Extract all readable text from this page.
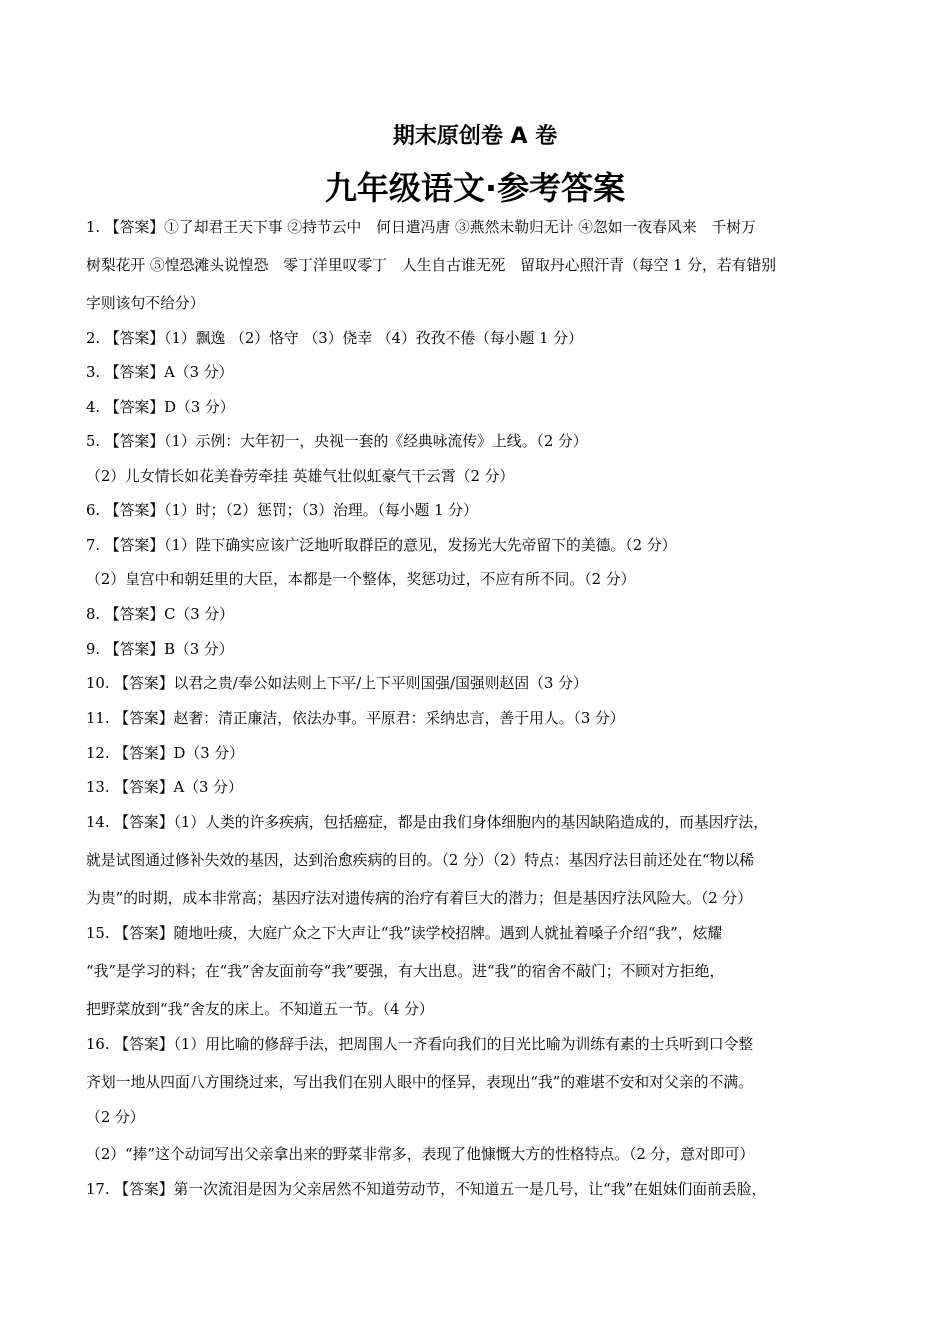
期末原创卷 A 卷
九年级语文·参考答案
1. 【答案】①了却君王天下事 ②持节云中　何日遣冯唐 ③燕然未勒归无计 ④忽如一夜春风来　千树万
树梨花开 ⑤惶恐滩头说惶恐　零丁洋里叹零丁　人生自古谁无死　留取丹心照汗青（每空 1 分，若有错别
字则该句不给分）
2. 【答案】（1）飘逸 （2）恪守 （3）侥幸 （4）孜孜不倦（每小题 1 分）
3. 【答案】A（3 分）
4. 【答案】D（3 分）
5. 【答案】（1）示例：大年初一，央视一套的《经典咏流传》上线。（2 分）
（2）儿女情长如花美眷劳牵挂 英雄气壮似虹豪气干云霄（2 分）
6. 【答案】（1）时；（2）惩罚；（3）治理。（每小题 1 分）
7. 【答案】（1）陛下确实应该广泛地听取群臣的意见，发扬光大先帝留下的美德。（2 分）
（2）皇宫中和朝廷里的大臣，本都是一个整体，奖惩功过，不应有所不同。（2 分）
8. 【答案】C（3 分）
9. 【答案】B（3 分）
10. 【答案】以君之贵/奉公如法则上下平/上下平则国强/国强则赵固（3 分）
11. 【答案】赵奢：清正廉洁，依法办事。平原君：采纳忠言，善于用人。（3 分）
12. 【答案】D（3 分）
13. 【答案】A（3 分）
14. 【答案】（1）人类的许多疾病，包括癌症，都是由我们身体细胞内的基因缺陷造成的，而基因疗法，
就是试图通过修补失效的基因，达到治愈疾病的目的。（2 分）（2）特点：基因疗法目前还处在“物以稀
为贵”的时期，成本非常高；基因疗法对遗传病的治疗有着巨大的潜力；但是基因疗法风险大。（2 分）
15. 【答案】随地吐痰，大庭广众之下大声让“我”读学校招牌。遇到人就扯着嗓子介绍“我”，炫耀
“我”是学习的料；在“我”舍友面前夸“我”要强，有大出息。进“我”的宿舍不敲门；不顾对方拒绝，
把野菜放到“我”舍友的床上。不知道五一节。（4 分）
16. 【答案】（1）用比喻的修辞手法，把周围人一齐看向我们的目光比喻为训练有素的士兵听到口令整
齐划一地从四面八方围绕过来，写出我们在别人眼中的怪异，表现出“我”的难堪不安和对父亲的不满。
（2 分）
（2）“捧”这个动词写出父亲拿出来的野菜非常多，表现了他慷慨大方的性格特点。（2 分，意对即可）
17. 【答案】第一次流泪是因为父亲居然不知道劳动节，不知道五一是几号，让“我”在姐妹们面前丢脸，
